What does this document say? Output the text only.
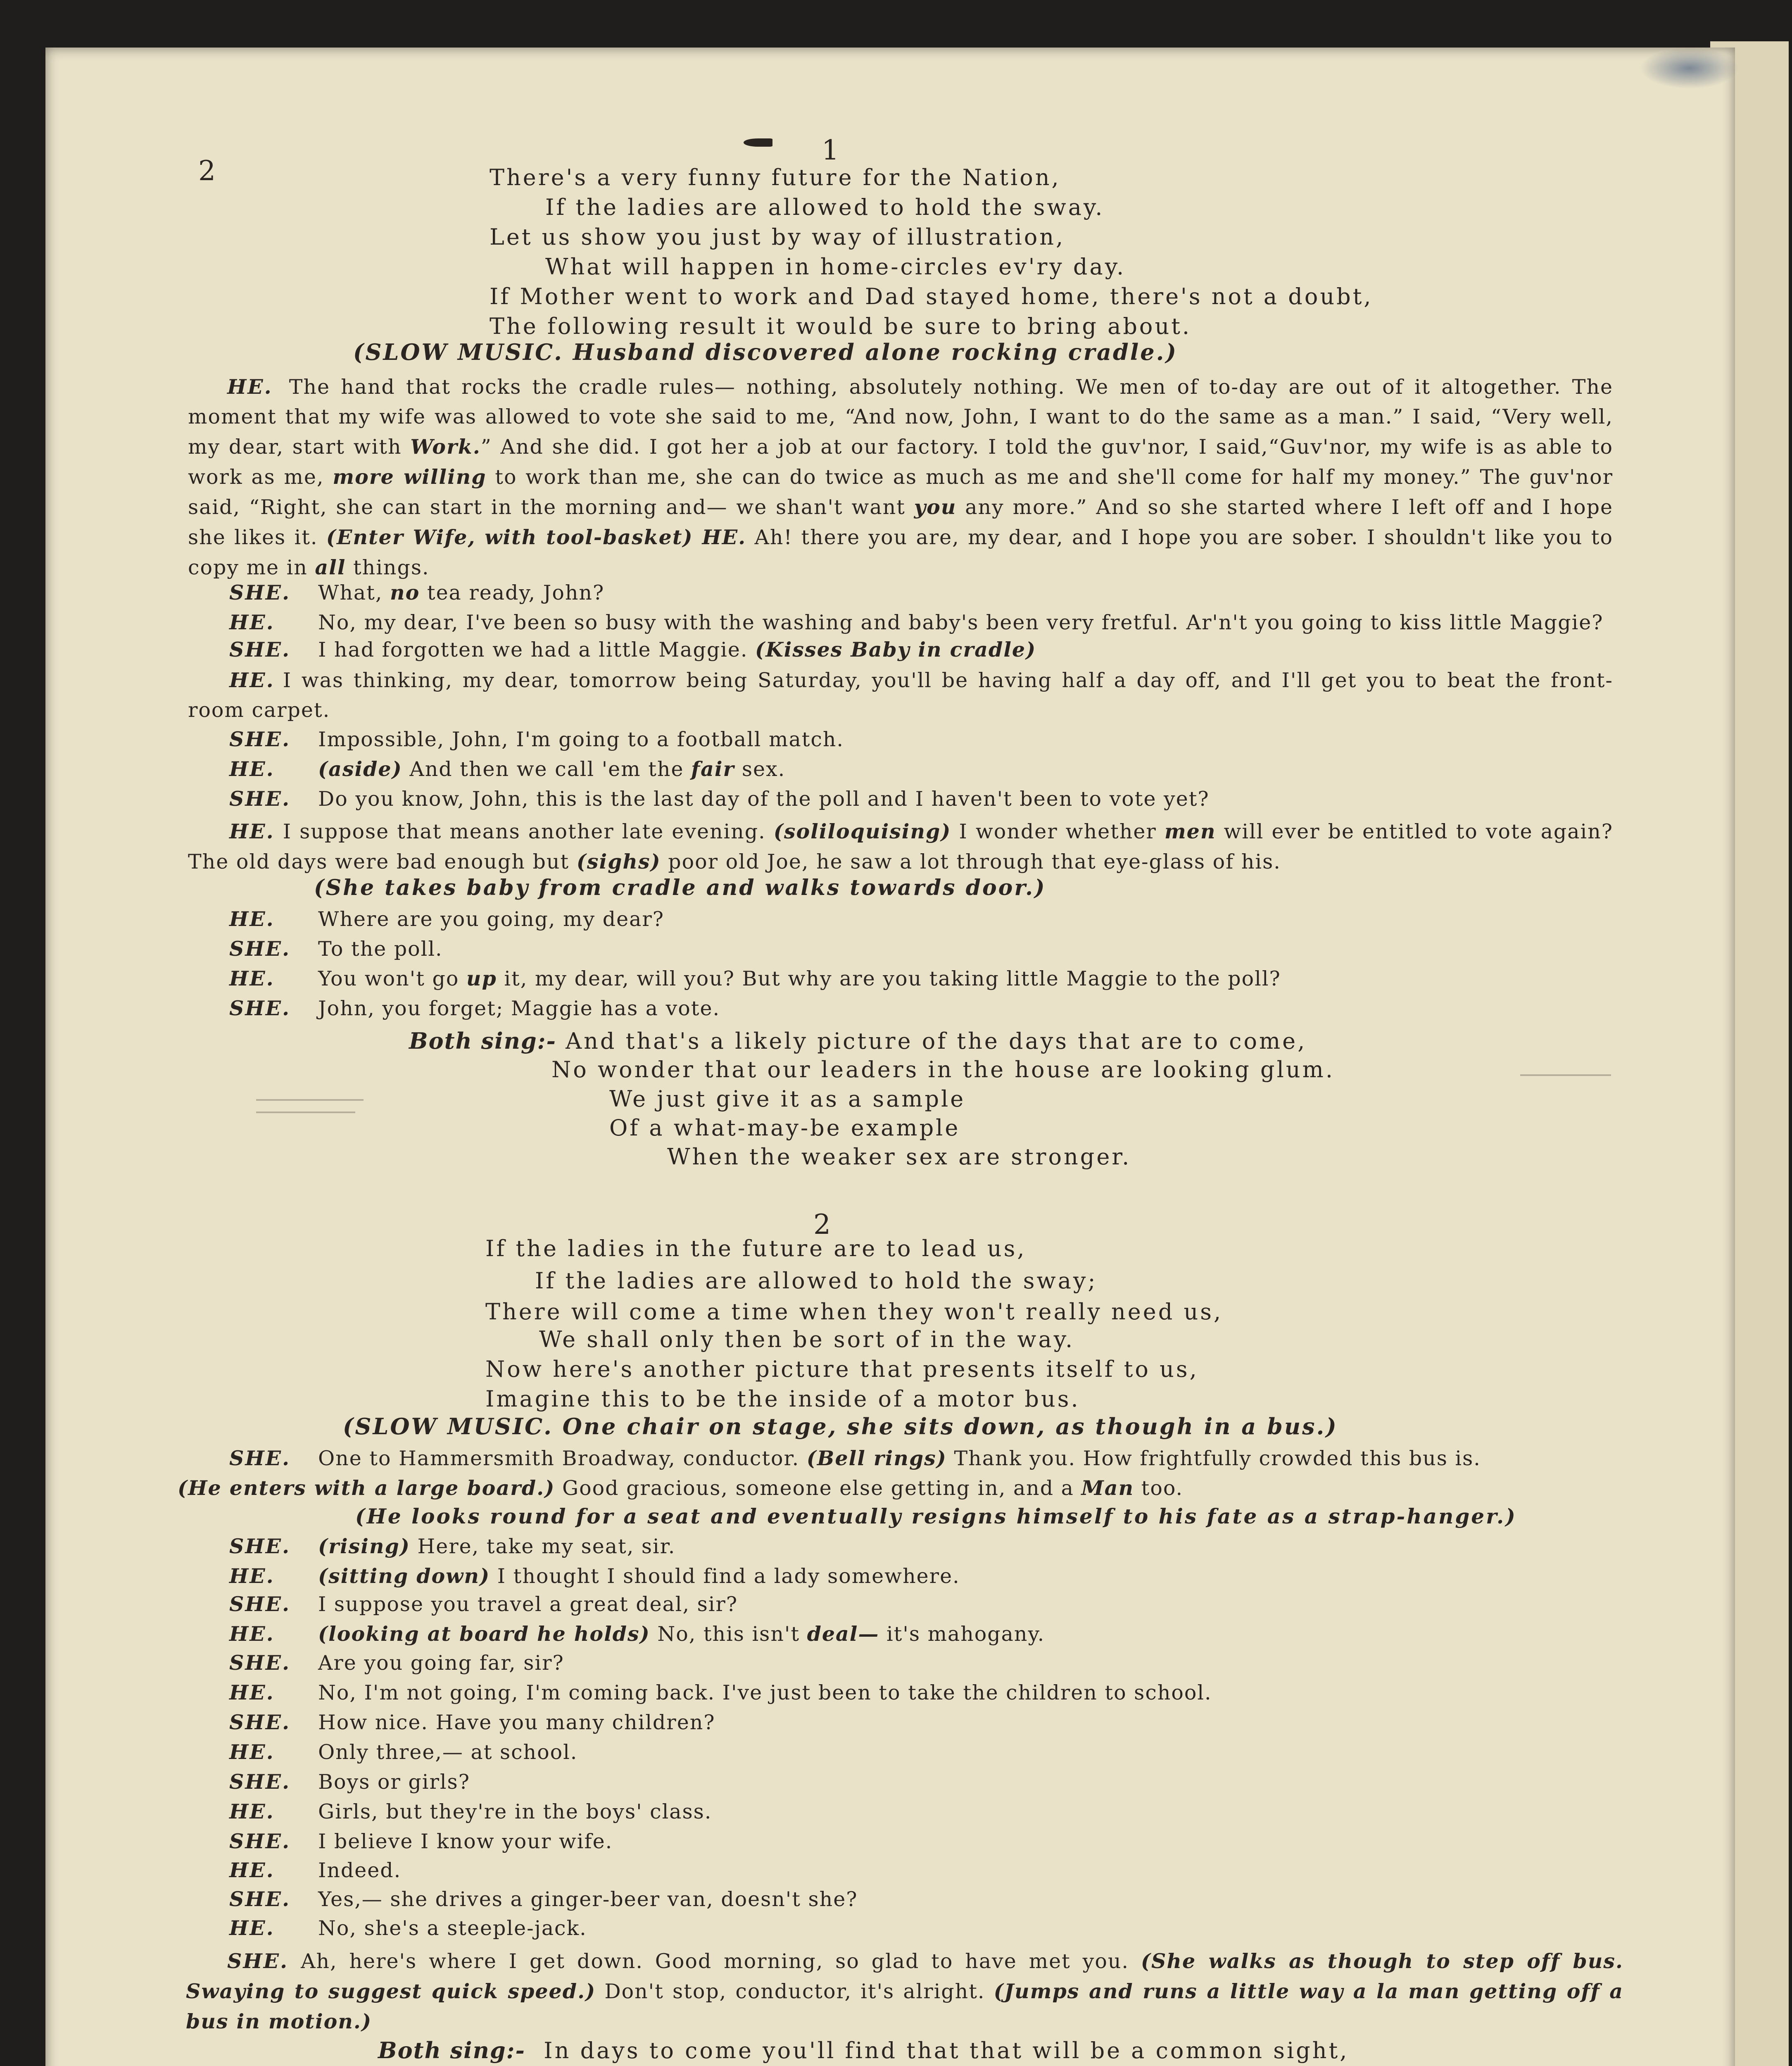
2
1
There's a very funny future for the Nation,
If the ladies are allowed to hold the sway.
Let us show you just by way of illustration,
What will happen in home-circles ev'ry day.
If Mother went to work and Dad stayed home, there's not a doubt,
The following result it would be sure to bring about.
(SLOW MUSIC. Husband discovered alone rocking cradle.)
HE. The hand that rocks the cradle rules— nothing, absolutely nothing. We men of to-day are out of it altogether. The moment that my wife was allowed to vote she said to me, “And now, John, I want to do the same as a man.” I said, “Very well, my dear, start with Work.” And she did. I got her a job at our factory. I told the guv'nor, I said,“Guv'nor, my wife is as able to work as me, more willing to work than me, she can do twice as much as me and she'll come for half my money.” The guv'nor said, “Right, she can start in the morning and— we shan't want you any more.” And so she started where I left off and I hope she likes it. (Enter Wife, with tool-basket) HE. Ah! there you are, my dear, and I hope you are sober. I shouldn't like you to copy me in all things.
SHE. What, no tea ready, John?
HE. No, my dear, I've been so busy with the washing and baby's been very fretful. Ar'n't you going to kiss little Maggie?
SHE. I had forgotten we had a little Maggie. (Kisses Baby in cradle)
HE. I was thinking, my dear, tomorrow being Saturday, you'll be having half a day off, and I'll get you to beat the front-room carpet.
SHE. Impossible, John, I'm going to a football match.
HE. (aside) And then we call 'em the fair sex.
SHE. Do you know, John, this is the last day of the poll and I haven't been to vote yet?
HE. I suppose that means another late evening. (soliloquising) I wonder whether men will ever be entitled to vote again? The old days were bad enough but (sighs) poor old Joe, he saw a lot through that eye-glass of his.
(She takes baby from cradle and walks towards door.)
HE. Where are you going, my dear?
SHE. To the poll.
HE. You won't go up it, my dear, will you? But why are you taking little Maggie to the poll?
SHE. John, you forget; Maggie has a vote.
Both sing:- And that's a likely picture of the days that are to come,
No wonder that our leaders in the house are looking glum.
We just give it as a sample
Of a what-may-be example
When the weaker sex are stronger.
2
If the ladies in the future are to lead us,
If the ladies are allowed to hold the sway;
There will come a time when they won't really need us,
We shall only then be sort of in the way.
Now here's another picture that presents itself to us,
Imagine this to be the inside of a motor bus.
(SLOW MUSIC. One chair on stage, she sits down, as though in a bus.)
SHE. One to Hammersmith Broadway, conductor. (Bell rings) Thank you. How frightfully crowded this bus is.
(He enters with a large board.) Good gracious, someone else getting in, and a Man too.
(He looks round for a seat and eventually resigns himself to his fate as a strap-hanger.)
SHE. (rising) Here, take my seat, sir.
HE. (sitting down) I thought I should find a lady somewhere.
SHE. I suppose you travel a great deal, sir?
HE. (looking at board he holds) No, this isn't deal— it's mahogany.
SHE. Are you going far, sir?
HE. No, I'm not going, I'm coming back. I've just been to take the children to school.
SHE. How nice. Have you many children?
HE. Only three,— at school.
SHE. Boys or girls?
HE. Girls, but they're in the boys' class.
SHE. I believe I know your wife.
HE. Indeed.
SHE. Yes,— she drives a ginger-beer van, doesn't she?
HE. No, she's a steeple-jack.
SHE. Ah, here's where I get down. Good morning, so glad to have met you. (She walks as though to step off bus. Swaying to suggest quick speed.) Don't stop, conductor, it's alright. (Jumps and runs a little way a la man getting off a bus in motion.)
Both sing:- In days to come you'll find that that will be a common sight,
